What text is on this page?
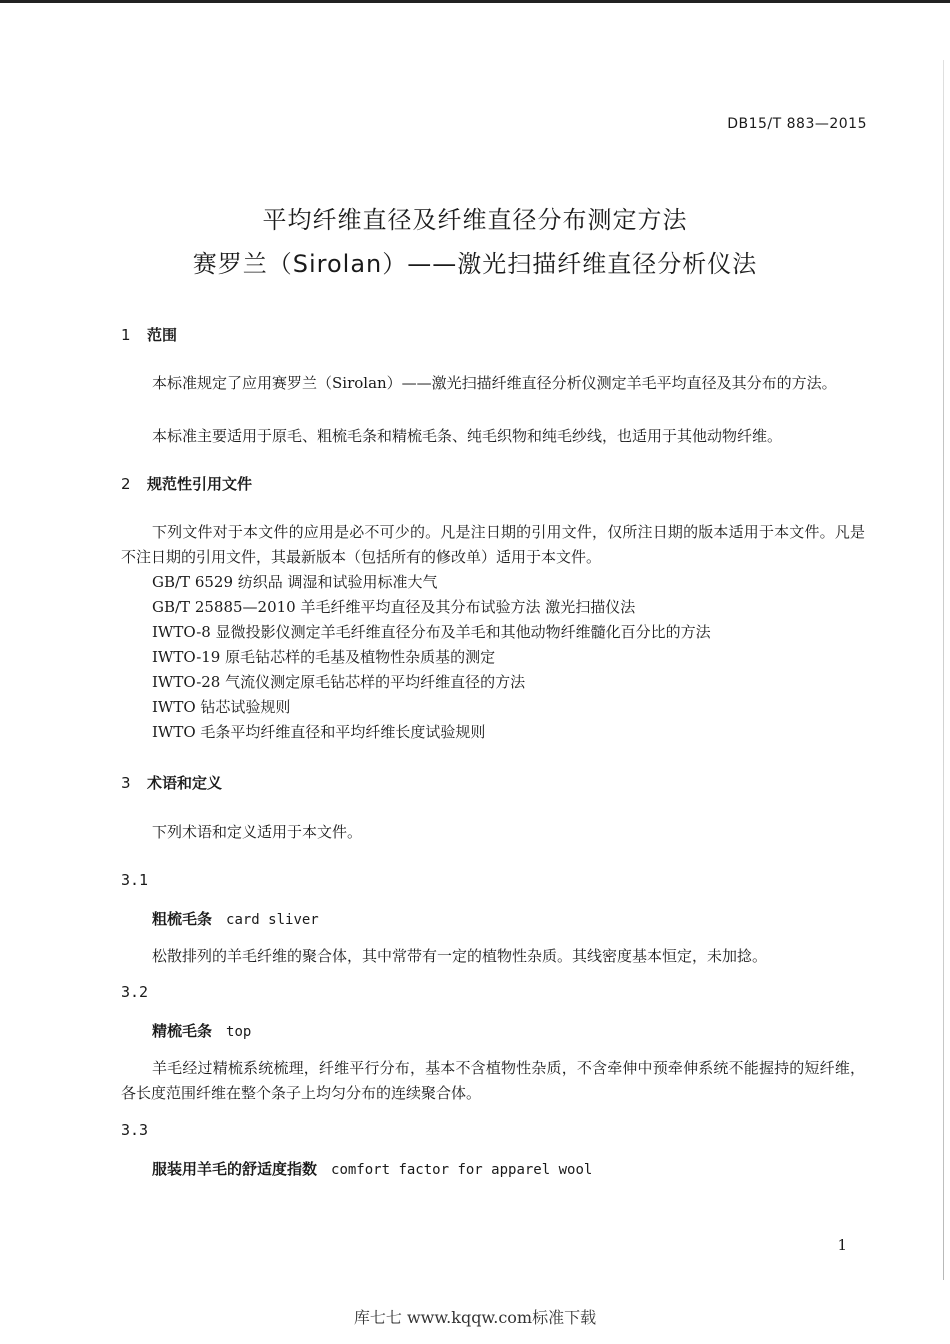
DB15/T 883—2015
平均纤维直径及纤维直径分布测定方法
赛罗兰（Sirolan）——激光扫描纤维直径分析仪法
1 范围
本标准规定了应用赛罗兰（Sirolan）——激光扫描纤维直径分析仪测定羊毛平均直径及其分布的方法。
本标准主要适用于原毛、粗梳毛条和精梳毛条、纯毛织物和纯毛纱线，也适用于其他动物纤维。
2 规范性引用文件
下列文件对于本文件的应用是必不可少的。凡是注日期的引用文件，仅所注日期的版本适用于本文件。凡是不注日期的引用文件，其最新版本（包括所有的修改单）适用于本文件。
GB/T 6529 纺织品 调湿和试验用标准大气
GB/T 25885—2010 羊毛纤维平均直径及其分布试验方法 激光扫描仪法
IWTO-8 显微投影仪测定羊毛纤维直径分布及羊毛和其他动物纤维髓化百分比的方法
IWTO-19 原毛钻芯样的毛基及植物性杂质基的测定
IWTO-28 气流仪测定原毛钻芯样的平均纤维直径的方法
IWTO 钻芯试验规则
IWTO 毛条平均纤维直径和平均纤维长度试验规则
3 术语和定义
下列术语和定义适用于本文件。
3.1
粗梳毛条 card sliver
松散排列的羊毛纤维的聚合体，其中常带有一定的植物性杂质。其线密度基本恒定，未加捻。
3.2
精梳毛条 top
羊毛经过精梳系统梳理，纤维平行分布，基本不含植物性杂质，不含牵伸中预牵伸系统不能握持的短纤维，各长度范围纤维在整个条子上均匀分布的连续聚合体。
3.3
服装用羊毛的舒适度指数 comfort factor for apparel wool
1
库七七 www.kqqw.com标准下载
